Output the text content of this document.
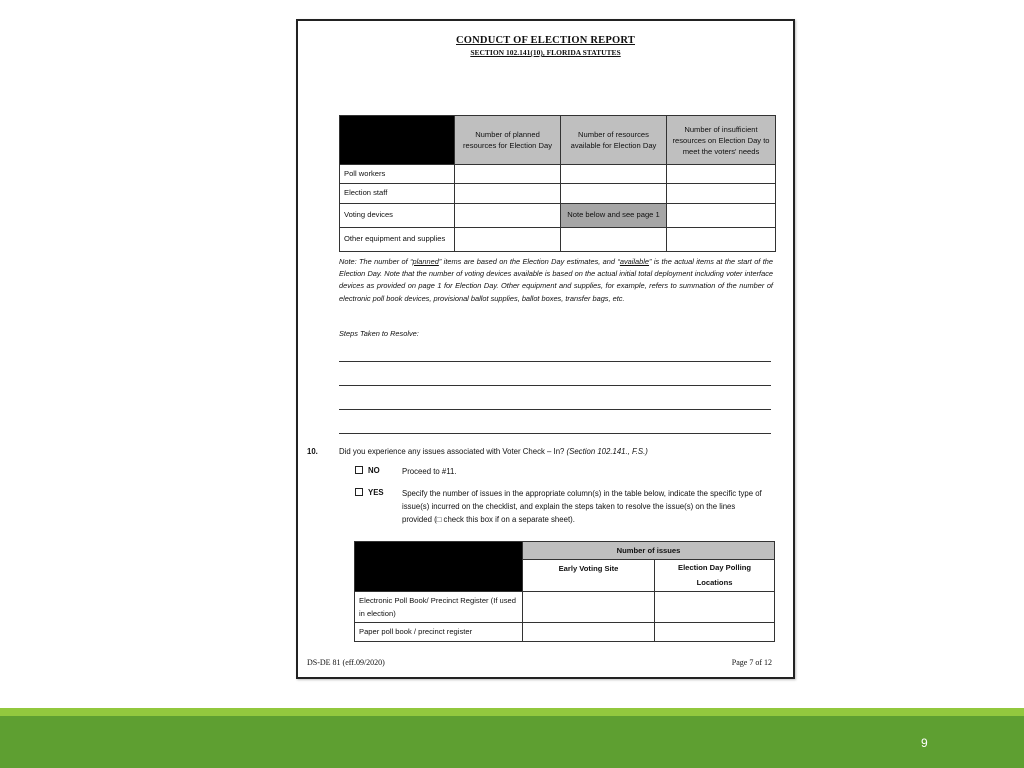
CONDUCT OF ELECTION REPORT
SECTION 102.141(10), FLORIDA STATUTES
	Number of planned resources for Election Day	Number of resources available for Election Day	Number of insufficient resources on Election Day to meet the voters' needs
Poll workers			
Election staff			
Voting devices		Note below and see page 1	
Other equipment and supplies			
Note: The number of “planned” items are based on the Election Day estimates, and “available” is the actual items at the start of the Election Day. Note that the number of voting devices available is based on the actual initial total deployment including voter interface devices as provided on page 1 for Election Day. Other equipment and supplies, for example, refers to summation of the number of electronic poll book devices, provisional ballot supplies, ballot boxes, transfer bags, etc.
Steps Taken to Resolve:
10.	Did you experience any issues associated with Voter Check – In? (Section 102.141., F.S.)
NO	Proceed to #11.
YES Specify the number of issues in the appropriate column(s) in the table below, indicate the specific type of issue(s) incurred on the checklist, and explain the steps taken to resolve the issue(s) on the lines provided (□ check this box if on a separate sheet).
	Number of issues	
	Early Voting Site	Election Day Polling Locations
Electronic Poll Book/ Precinct Register (If used in election)		
Paper poll book / precinct register		
DS-DE 81 (eff.09/2020)	Page 7 of 12
9
